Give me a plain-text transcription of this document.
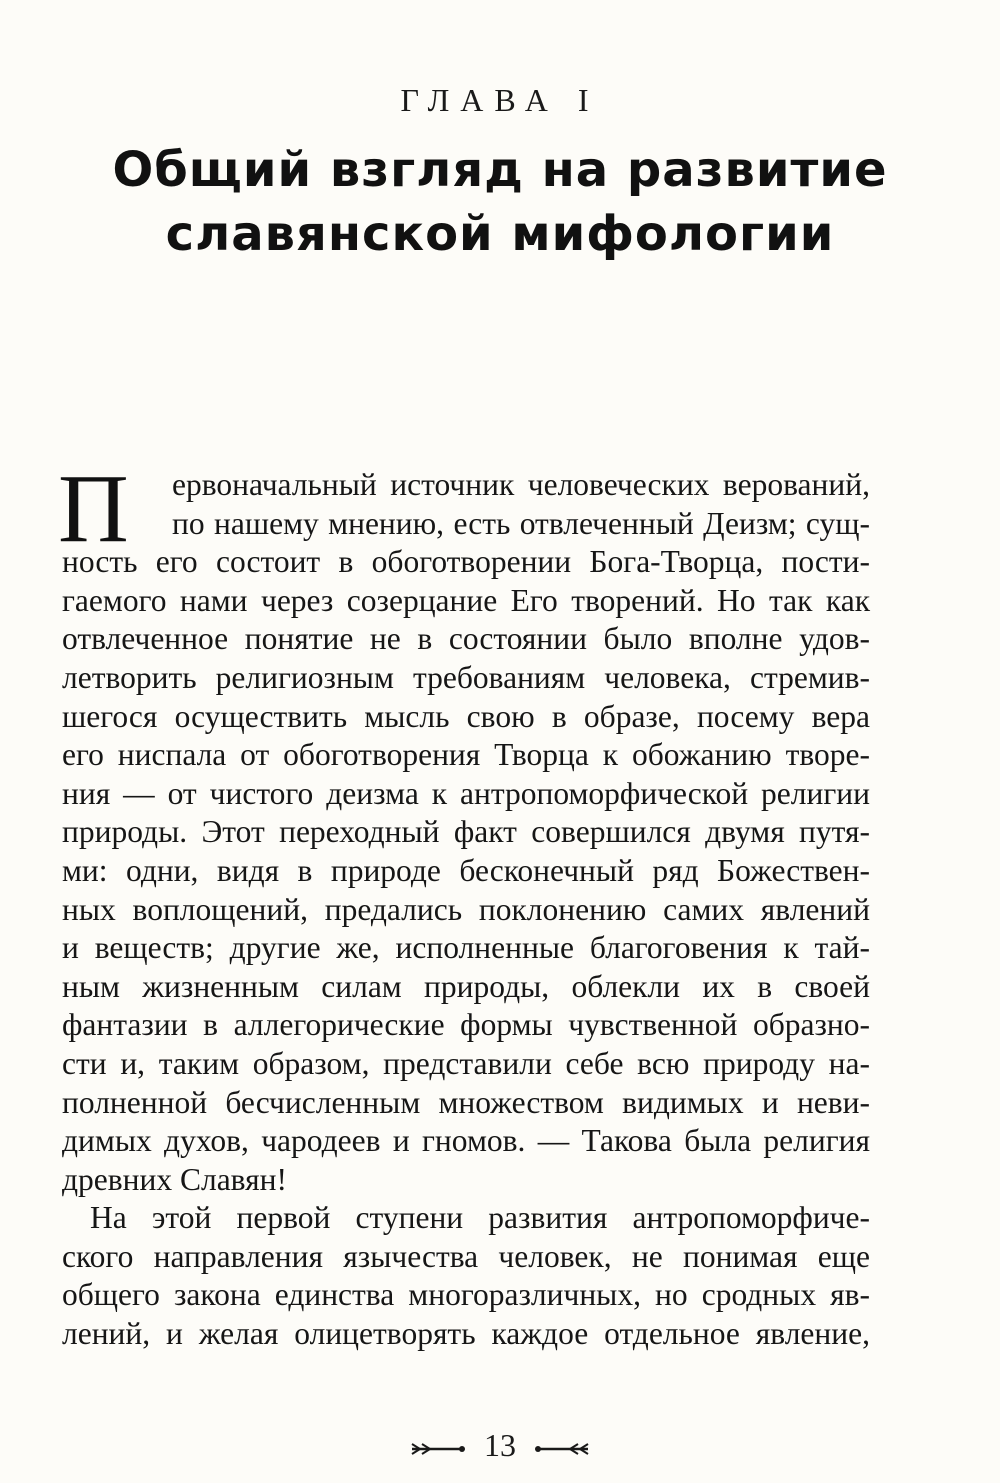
ГЛАВА I
Общий взгляд на развитие
славянской мифологии
П	ервоначальный источник человеческих верований,
по нашему мнению, есть отвлеченный Деизм; сущ-
ность его состоит в обоготворении Бога-Творца, пости-
гаемого нами через созерцание Его творений. Но так как
отвлеченное понятие не в состоянии было вполне удов-
летворить религиозным требованиям человека, стремив-
шегося осуществить мысль свою в образе, посему вера
его ниспала от обоготворения Творца к обожанию творе-
ния — от чистого деизма к антропоморфической религии
природы. Этот переходный факт совершился двумя путя-
ми: одни, видя в природе бесконечный ряд Божествен-
ных воплощений, предались поклонению самих явлений
и веществ; другие же, исполненные благоговения к тай-
ным жизненным силам природы, облекли их в своей
фантазии в аллегорические формы чувственной образно-
сти и, таким образом, представили себе всю природу на-
полненной бесчисленным множеством видимых и неви-
димых духов, чародеев и гномов. — Такова была религия
древних Славян!
На этой первой ступени развития антропоморфиче-
ского направления язычества человек, не понимая еще
общего закона единства многоразличных, но сродных яв-
лений, и желая олицетворять каждое отдельное явление,
13
